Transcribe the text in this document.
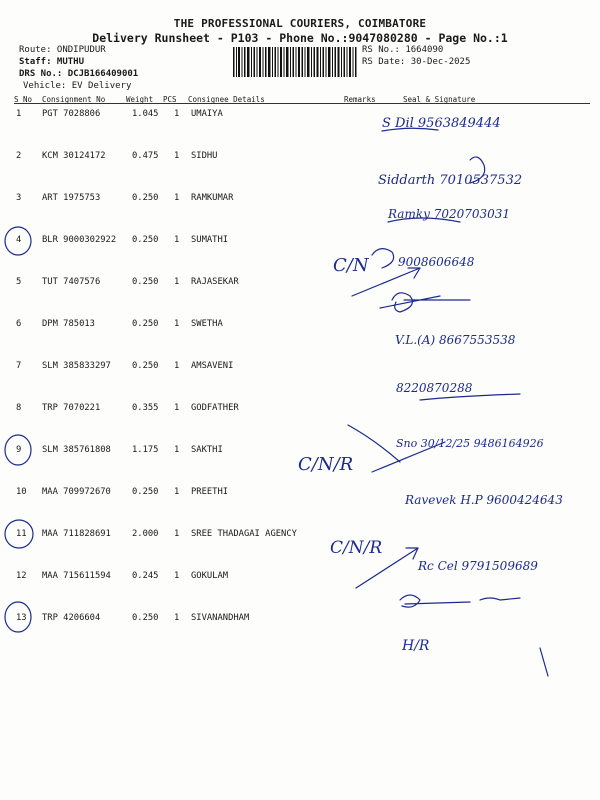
THE PROFESSIONAL COURIERS, COIMBATORE
Delivery Runsheet - P103 - Phone No.:9047080280 - Page No.:1
Route: ONDIPUDUR
Staff: MUTHU
DRS No.: DCJB166409001
Vehicle: EV Delivery
RS No.: 1664090
RS Date: 30-Dec-2025
S No Consignment No	Weight PCS Consignee Details	Remarks	Seal & Signature
1 PGT 7028806	1.045 1 UMAIYA
2 KCM 30124172	0.475 1 SIDHU
3 ART 1975753	0.250 1 RAMKUMAR
4 BLR 9000302922 0.250 1 SUMATHI
5 TUT 7407576	0.250 1 RAJASEKAR
6 DPM 785013	0.250 1 SWETHA
7 SLM 385833297 0.250 1 AMSAVENI
8 TRP 7070221	0.355 1 GODFATHER
9 SLM 385761808 1.175 1 SAKTHI
10 MAA 709972670 0.250 1 PREETHI
11 MAA 711828691 2.000 1 SREE THADAGAI AGENCY
12 MAA 715611594 0.245 1 GOKULAM
13 TRP 4206604	0.250 1 SIVANANDHAM
S Dil 9563849444
Siddarth 7010537532
Ramky 7020703031
C/N 9008606648
V.L.(A) 8667553538
8220870288
C/N/R
Sno 30/12/25 9486164926
Ravevek H.P 9600424643
C/N/R
Rc Cel 9791509689
H/R
